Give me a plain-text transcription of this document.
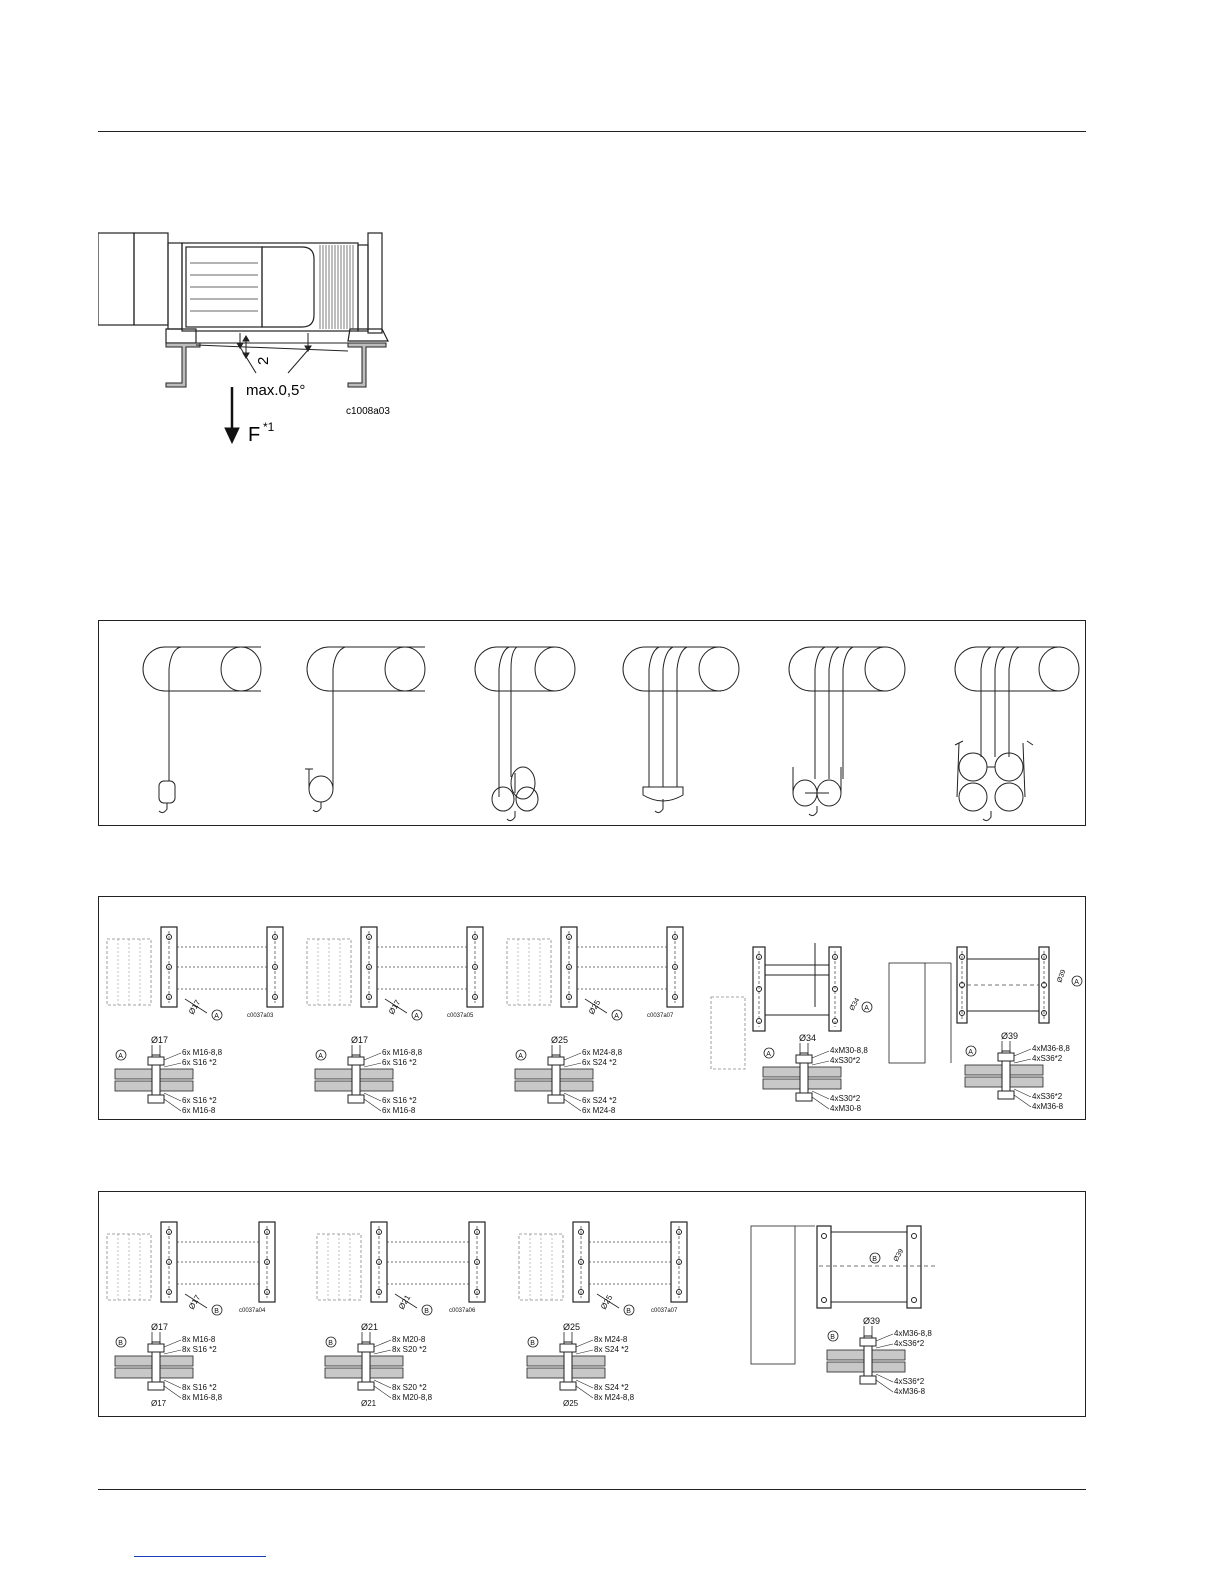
2
max.0,5°
F *1
c1008a03
Ø17
A	c0037a03
Ø17
A	6x M16-8,8
6x S16 *2
6x S16 *2
6x M16-8
Ø17
A	c0037a05
Ø17
A	6x M16-8,8
6x S16 *2
6x S16 *2
6x M16-8
Ø25
A	c0037a07
Ø25
A	6x M24-8,8
6x S24 *2
6x S24 *2
6x M24-8
Ø34 A
Ø34
A	4xM30-8,8
4xS30*2
4xS30*2
4xM30-8
Ø39 A
Ø39
A	4xM36-8,8
4xS36*2
4xS36*2
4xM36-8
Ø17
B	c0037a04
Ø17
B	8x M16-8
8x S16 *2
8x S16 *2
8x M16-8,8
Ø17
Ø21
B	c0037a06
Ø21
B	8x M20-8
8x S20 *2
8x S20 *2
8x M20-8,8
Ø21
Ø25
B	c0037a07
Ø25
B	8x M24-8
8x S24 *2
8x S24 *2
8x M24-8,8
Ø25
B Ø39
Ø39
B	4xM36-8,8
4xS36*2
4xS36*2
4xM36-8
